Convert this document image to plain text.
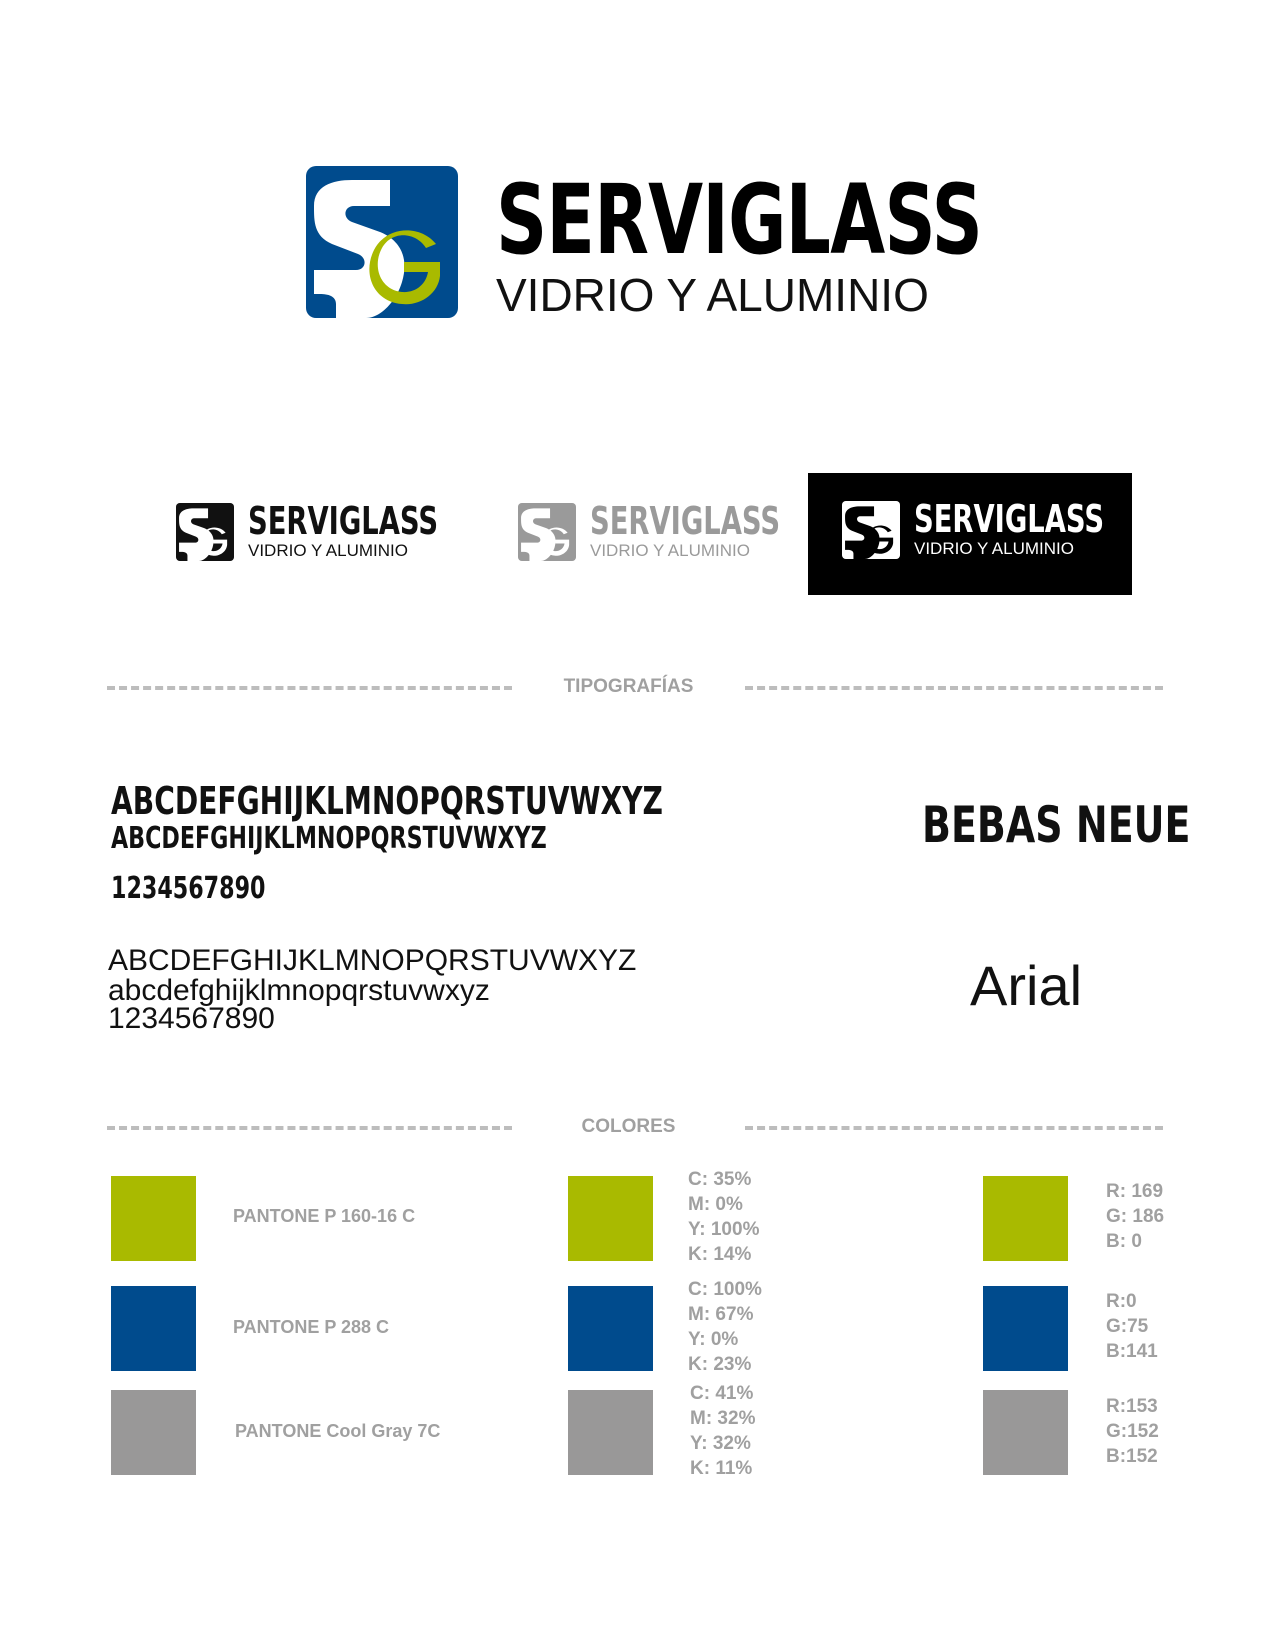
SERVIGLASS
VIDRIO Y ALUMINIO
SERVIGLASS
VIDRIO Y ALUMINIO
SERVIGLASS
VIDRIO Y ALUMINIO
SERVIGLASS
VIDRIO Y ALUMINIO
TIPOGRAFÍAS
ABCDEFGHIJKLMNOPQRSTUVWXYZ
ABCDEFGHIJKLMNOPQRSTUVWXYZ
1234567890
BEBAS NEUE
ABCDEFGHIJKLMNOPQRSTUVWXYZ
abcdefghijklmnopqrstuvwxyz
1234567890
Arial
COLORES
PANTONE P 160-16 C
C: 35%
M: 0%
Y: 100%
K: 14%
R: 169
G: 186
B: 0
PANTONE P 288 C
C: 100%
M: 67%
Y: 0%
K: 23%
R:0
G:75
B:141
PANTONE Cool Gray 7C
C: 41%
M: 32%
Y: 32%
K: 11%
R:153
G:152
B:152
